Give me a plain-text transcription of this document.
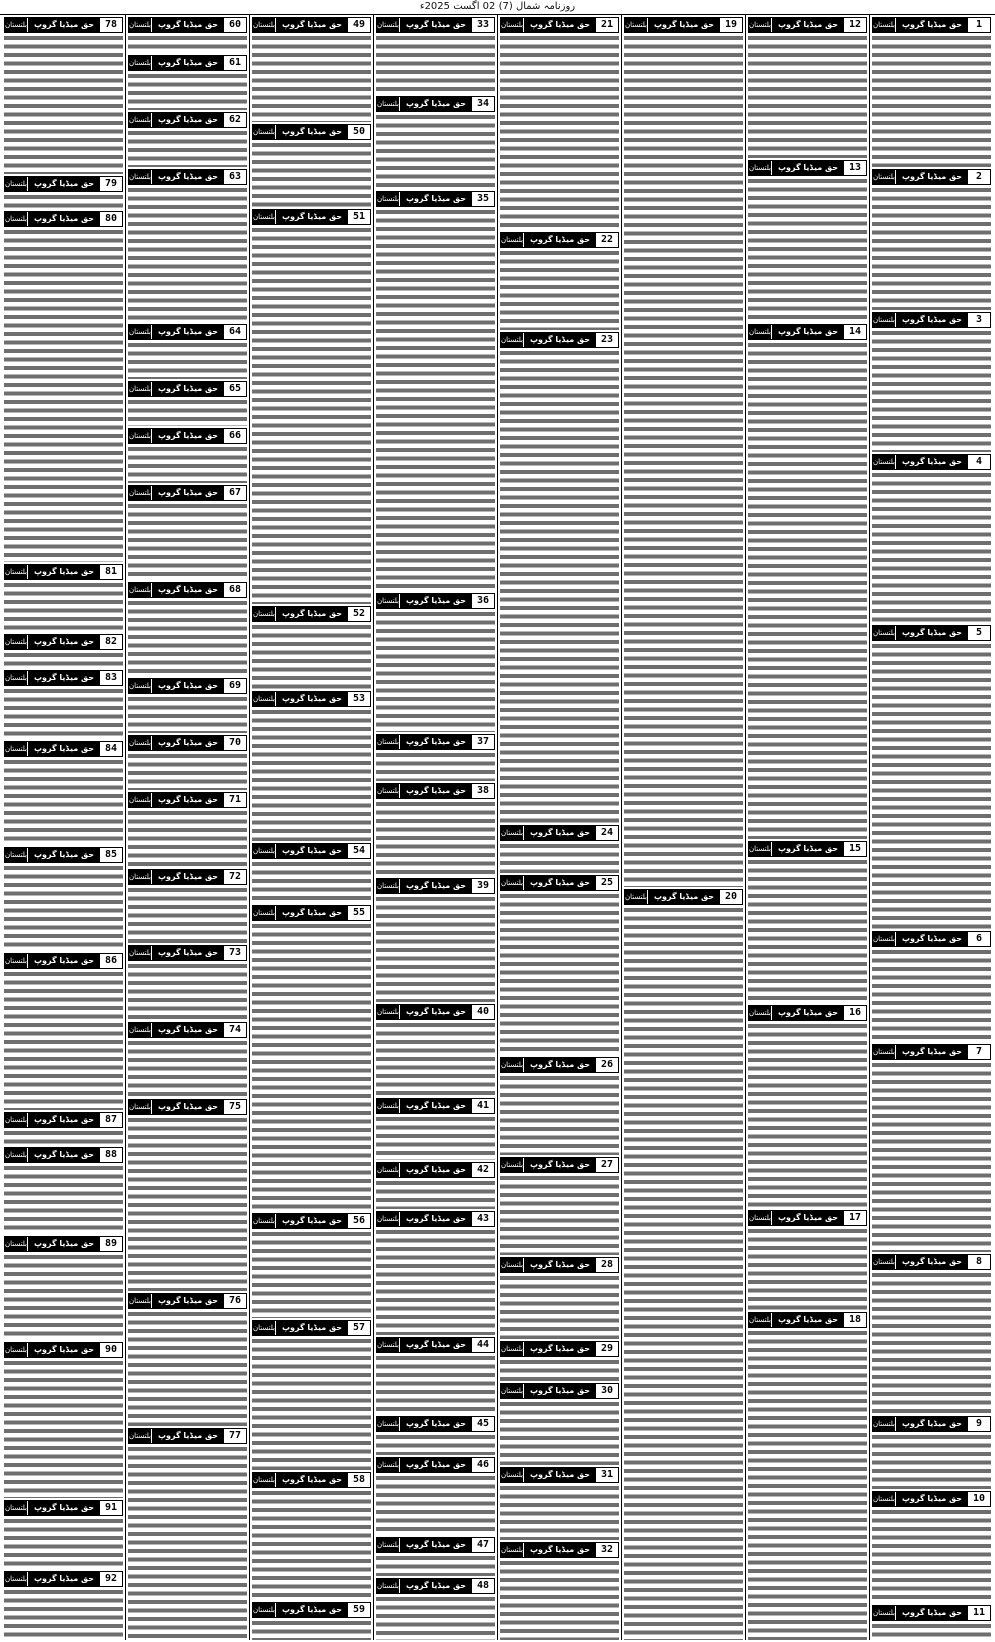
روزنامہ شمال (7) 02 اگست 2025ء
1
حق میڈیا گروپ
بلتستان
2
حق میڈیا گروپ
بلتستان
3
حق میڈیا گروپ
بلتستان
4
حق میڈیا گروپ
بلتستان
5
حق میڈیا گروپ
بلتستان
6
حق میڈیا گروپ
بلتستان
7
حق میڈیا گروپ
بلتستان
8
حق میڈیا گروپ
بلتستان
9
حق میڈیا گروپ
بلتستان
10
حق میڈیا گروپ
بلتستان
11
حق میڈیا گروپ
بلتستان
12
حق میڈیا گروپ
بلتستان
13
حق میڈیا گروپ
بلتستان
14
حق میڈیا گروپ
بلتستان
15
حق میڈیا گروپ
بلتستان
16
حق میڈیا گروپ
بلتستان
17
حق میڈیا گروپ
بلتستان
18
حق میڈیا گروپ
بلتستان
19
حق میڈیا گروپ
بلتستان
20
حق میڈیا گروپ
بلتستان
21
حق میڈیا گروپ
بلتستان
22
حق میڈیا گروپ
بلتستان
23
حق میڈیا گروپ
بلتستان
24
حق میڈیا گروپ
بلتستان
25
حق میڈیا گروپ
بلتستان
26
حق میڈیا گروپ
بلتستان
27
حق میڈیا گروپ
بلتستان
28
حق میڈیا گروپ
بلتستان
29
حق میڈیا گروپ
بلتستان
30
حق میڈیا گروپ
بلتستان
31
حق میڈیا گروپ
بلتستان
32
حق میڈیا گروپ
بلتستان
33
حق میڈیا گروپ
بلتستان
34
حق میڈیا گروپ
بلتستان
35
حق میڈیا گروپ
بلتستان
36
حق میڈیا گروپ
بلتستان
37
حق میڈیا گروپ
بلتستان
38
حق میڈیا گروپ
بلتستان
39
حق میڈیا گروپ
بلتستان
40
حق میڈیا گروپ
بلتستان
41
حق میڈیا گروپ
بلتستان
42
حق میڈیا گروپ
بلتستان
43
حق میڈیا گروپ
بلتستان
44
حق میڈیا گروپ
بلتستان
45
حق میڈیا گروپ
بلتستان
46
حق میڈیا گروپ
بلتستان
47
حق میڈیا گروپ
بلتستان
48
حق میڈیا گروپ
بلتستان
49
حق میڈیا گروپ
بلتستان
50
حق میڈیا گروپ
بلتستان
51
حق میڈیا گروپ
بلتستان
52
حق میڈیا گروپ
بلتستان
53
حق میڈیا گروپ
بلتستان
54
حق میڈیا گروپ
بلتستان
55
حق میڈیا گروپ
بلتستان
56
حق میڈیا گروپ
بلتستان
57
حق میڈیا گروپ
بلتستان
58
حق میڈیا گروپ
بلتستان
59
حق میڈیا گروپ
بلتستان
60
حق میڈیا گروپ
بلتستان
61
حق میڈیا گروپ
بلتستان
62
حق میڈیا گروپ
بلتستان
63
حق میڈیا گروپ
بلتستان
64
حق میڈیا گروپ
بلتستان
65
حق میڈیا گروپ
بلتستان
66
حق میڈیا گروپ
بلتستان
67
حق میڈیا گروپ
بلتستان
68
حق میڈیا گروپ
بلتستان
69
حق میڈیا گروپ
بلتستان
70
حق میڈیا گروپ
بلتستان
71
حق میڈیا گروپ
بلتستان
72
حق میڈیا گروپ
بلتستان
73
حق میڈیا گروپ
بلتستان
74
حق میڈیا گروپ
بلتستان
75
حق میڈیا گروپ
بلتستان
76
حق میڈیا گروپ
بلتستان
77
حق میڈیا گروپ
بلتستان
78
حق میڈیا گروپ
بلتستان
79
حق میڈیا گروپ
بلتستان
80
حق میڈیا گروپ
بلتستان
81
حق میڈیا گروپ
بلتستان
82
حق میڈیا گروپ
بلتستان
83
حق میڈیا گروپ
بلتستان
84
حق میڈیا گروپ
بلتستان
85
حق میڈیا گروپ
بلتستان
86
حق میڈیا گروپ
بلتستان
87
حق میڈیا گروپ
بلتستان
88
حق میڈیا گروپ
بلتستان
89
حق میڈیا گروپ
بلتستان
90
حق میڈیا گروپ
بلتستان
91
حق میڈیا گروپ
بلتستان
92
حق میڈیا گروپ
بلتستان
